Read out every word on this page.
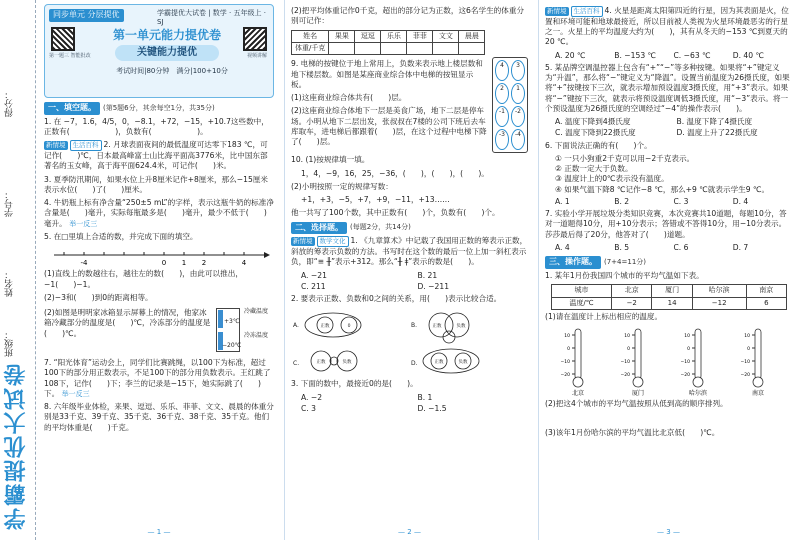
得分：
学号：
姓名：
班级：
学霸提优大试卷
同步单元 分层提优	学霸提优大试卷 | 数学 · 五年级上 · SJ
第一题三 智能批改	视频讲解
第一单元能力提优卷
关键能力提优
考试时间|80分钟　满分|100+10分
一、填空题。	(第5题6分，其余每空1分，共35分)
1. 在 −7，1.6，4/5，0，−8.1，+72，−15，+10.7这些数中，正数有(　　　　　　)，负数有(　　　　　　)。
新情境 生活百科 2. 月球表面夜间的最低温度可达零下183 ℃，可记作(　　)℃，日本最高峰富士山比海平面高3776米，比中国东部著名的玉女峰，高于海平面624.4米，可记作(　　)米。
3. 夏季防汛期间，如果水位上升8厘米记作+8厘米，那么−15厘米表示水位(　　)了(　　)厘米。
4. 牛奶瓶上标有净含量“250±5 mL”的字样，表示这瓶牛奶的标准净含量是(　　)毫升，实际每瓶最多是(　　)毫升，最少不低于(　　)毫升。 举一反三
5. 在□里填上合适的数，并完成下面的填空。
-4	0 1 2	4
(1)直线上的数越往右，越往左的数(　　)，由此可以推出，−1(　　)−1。
(2)−3和(　　)到0的距离相等。
(2)如图是明明家冰箱显示屏幕上的情况，他家冰箱冷藏部分的温度是(　　)℃，冷冻部分的温度是(　　)℃。
+3℃
−20℃
冷藏温度
冷冻温度
7. “阳光体育”运动会上，同学们比赛跳绳，以100下为标准，超过100下的部分用正数表示，不足100下的部分用负数表示。王红跳了108下，记作(　　)下；李兰的记录是−15下，她实际跳了(　　)下。 举一反三
8. 六年级毕业体检，来果、逗逗、乐乐、菲菲、文文、晨晨的体重分别是33千克、39千克、35千克、36千克、38千克、35千克。他们的平均体重是(　　)千克。
— 1 —
(2)把平均体重记作0千克，超出的部分记为正数，这6名学生的体重分别可记作：
姓名	果果	逗逗	乐乐	菲菲	文文	晨晨
体重/千克						
9. 电梯的按键位于地上常用上，负数来表示地上楼层数和地下楼层数。如图是某座商业综合体中电梯的按钮显示板。
(1)这座商业综合体共有(　　)层。
(2)这座商业综合体地下一层是美食广场，地下二层是停车场。小明从地下二层出发，张叔叔在7楼的公司下班后去车库取车，进电梯后都跟着(　　)层，在这个过程中电梯下降了(　　)层。
4	3
2	1
-1	-2
-3	-4
10. (1)按规律填一填。
1，4，−9，16，25，−36，(　　)，(　　)，(　　)。
(2)小明按照一定的规律写数：
+1，+3，−5，+7，+9，−11，+13……
他一共写了100个数，其中正数有(　　)个，负数有(　　)个。
二、选择题。	(每题2分，共14分)
新情境 数学文化 1. 《九章算术》中记载了我国用正数的筹表示正数，斜放的筹表示负数的方法。书写时在这个数的最后一位上加一斜杠表示负，即“≡ ╫”表示+312。那么“╫ ǂ”表示的数是(　　)。
A. −21	B. 21
C. 211	D. −211
2. 要表示正数、负数和0之间的关系，用(　　)表示比较合适。
A.	B.
C.	D.
正数	0	正数	负数
正数	负数	正数	负数
3. 下面的数中，最接近0的是(　　)。
A. −2	B. 1
C. 3	D. −1.5
— 2 —
新情境 生活百科 4. 火星是距离太阳第四近的行星，因为其表面是火，位置和环境可能和地球最接近，所以目前被人类视为火星环境最恶劣的行星之一。火星上的平均温度大约为(　　)，其有从冬天的−153 ℃到夏天的20 ℃。
A. 20 ℃	B. −153 ℃	C. −63 ℃	D. 40 ℃
5. 某品牌空调温控器上包含有“+”“−”等多种按键。如果将“+”键定义为“升温”，那么将“−”键定义为“降温”。设置当前温度为26摄氏度，如果将“+”按键按下三次，就表示增加预设温度3摄氏度，用“+3”表示。如果将“−”键按下三次，就表示将预设温度调低3摄氏度，用“−3”表示。将一个预设温度为26摄氏度的空调经过“−4”的操作表示(　　)。
A. 温度下降到4摄氏度	B. 温度下降了4摄氏度
C. 温度下降到22摄氏度	D. 温度上升了22摄氏度
6. 下面说法正确的有(　　)个。
① 一只小狗重2千克可以用−2千克表示。
② 正数一定大于负数。
③ 温度计上的0℃表示没有温度。
④ 如果气温下降8 ℃记作−8 ℃，那么+9 ℃就表示学生9 ℃。
A. 1	B. 2	C. 3	D. 4
7. 实验小学开展垃圾分类知识竞赛，本次竞赛共10道题，每题10分，答对一道题得10分，用+10分表示；答错或不答得10分，用−10分表示。莎莎最后得了20分，他答对了(　　)道题。
A. 4	B. 5	C. 6	D. 7
三、操作题。	(7+4=11分)
1. 某年1月份我国四个城市的平均气温如下表。
城市	北京	厦门	哈尔滨	南京
温度/℃	−2	14	−12	6
(1)请在温度计上标出相应的温度。
10
0
−10
−20
北京
10
0
−10
−20
厦门
10
0
−10
−20
哈尔滨
10
0
−10
−20
南京
(2)把这4个城市的平均气温按照从低到高的顺序排列。
(3)该年1月份哈尔滨的平均气温比北京低(　　)℃。
— 3 —
